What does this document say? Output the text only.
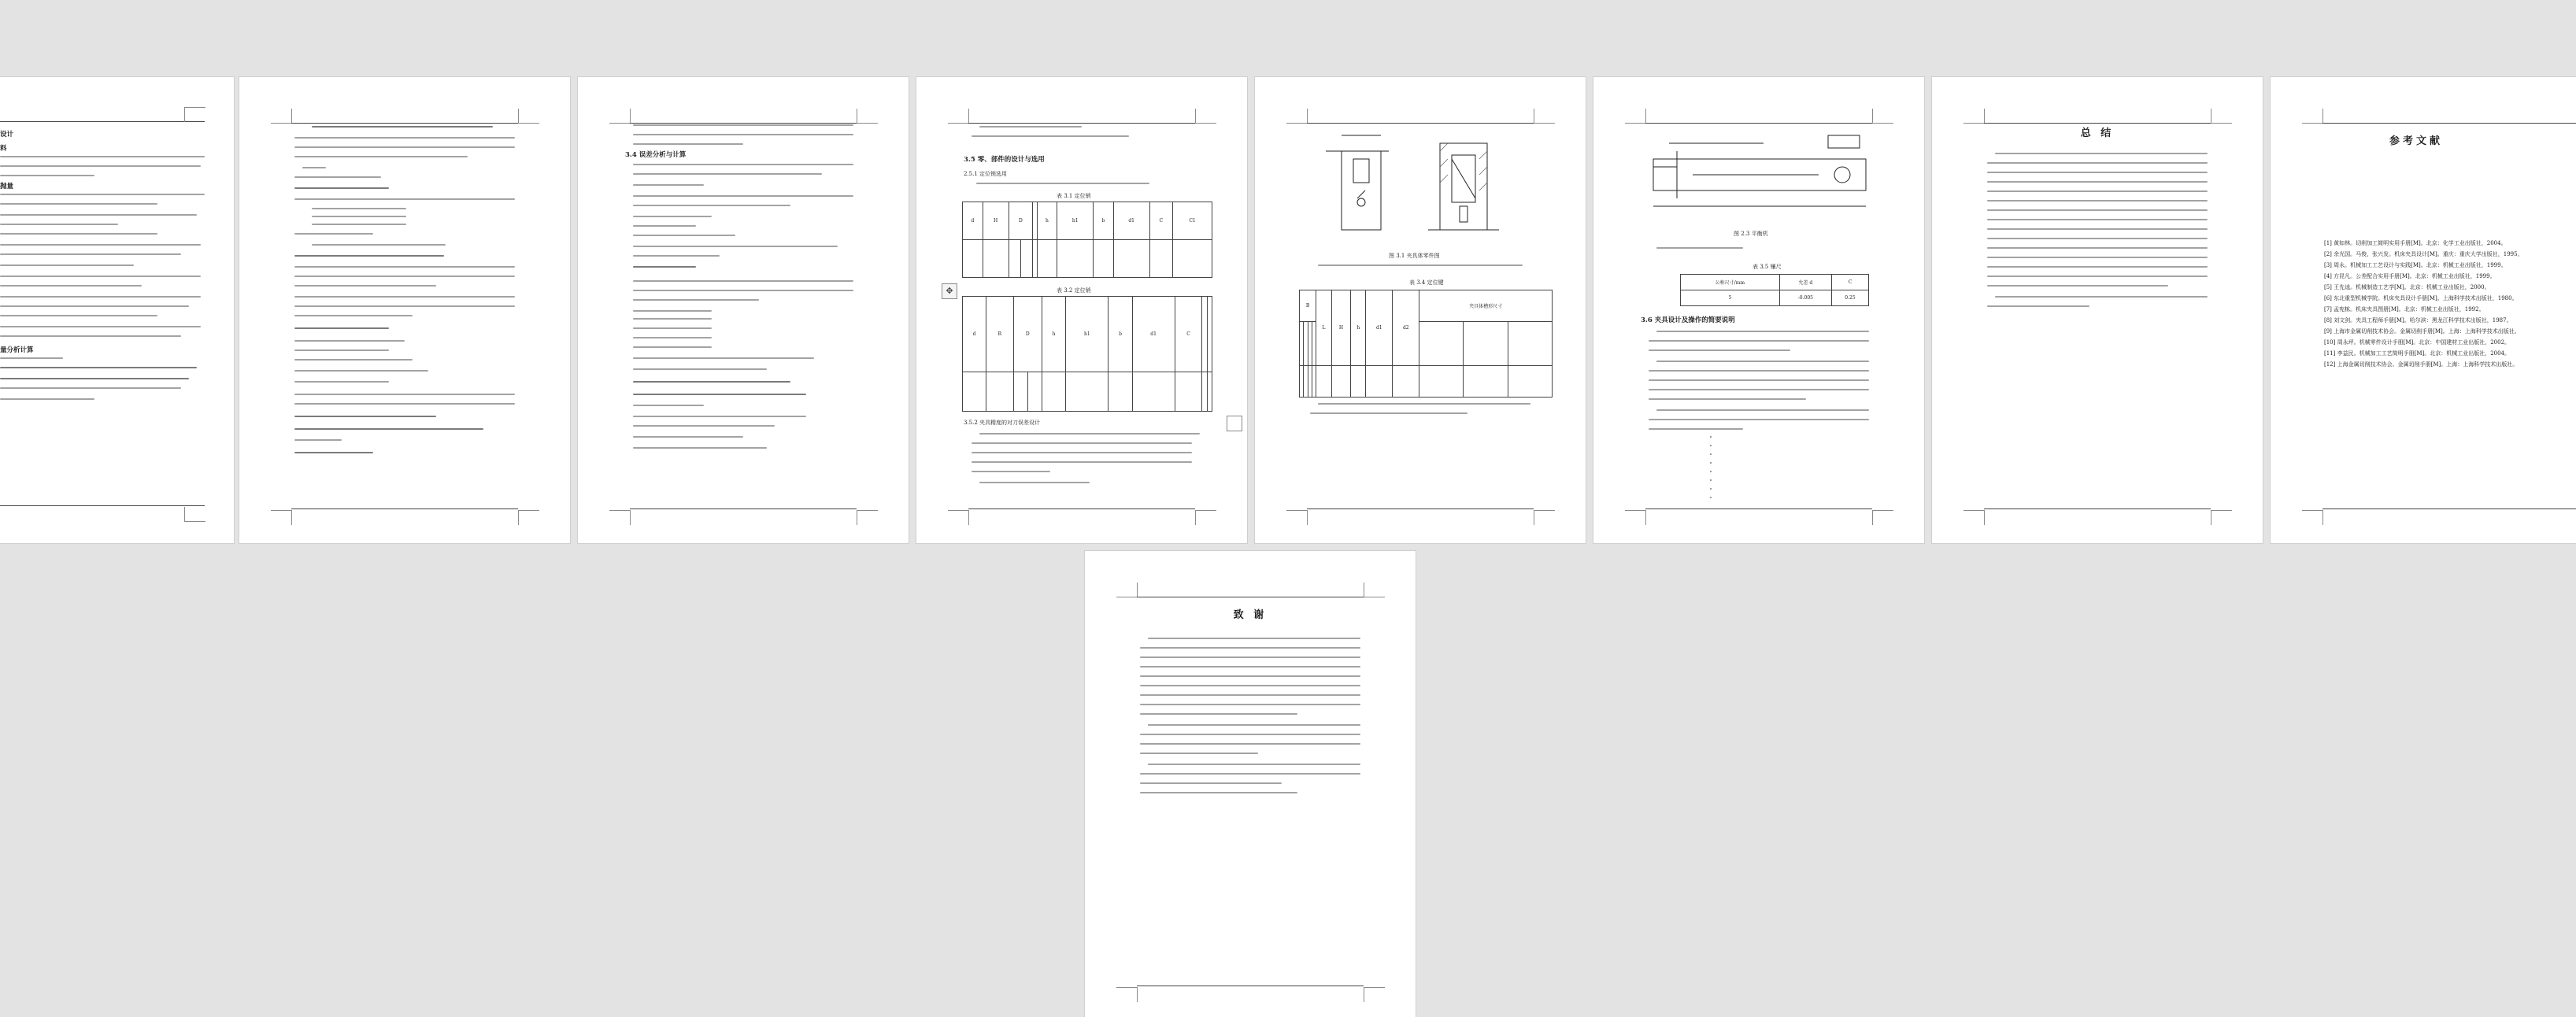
设计
料
抛量
量分析计算
3.4 误差分析与计算
3.5 零、部件的设计与选用
2.5.1 定位销选用
表 3.1 定位销
d	H	D			h	h1	b	d1	C	C1

表 3.2 定位销
d	R	D		h	h1	b	d1	C		

3.5.2 夹具精度的对刀误差设计
✥
图 3.1 夹具体零件图
表 3.4 定位键
B				L	H	h	d1	d2	夹具体槽形尺寸		

图 2.3 平衡机
表 3.5 镶尺
公称尺寸/mm	允差 d	C
5	-0.005	0.25
3.6 夹具设计及操作的简要说明
总 结
参考文献
[1] 黄如林。切削加工简明实用手册[M]。北京：化学工业出版社，2004。
[2] 余光国。马俊，张兴发。机床夹具设计[M]。重庆：重庆大学出版社，1995。
[3] 周永。机械加工工艺设计与实践[M]。北京：机械工业出版社，1999。
[4] 方昆凡。公差配合实用手册[M]。北京：机械工业出版社，1999。
[5] 王先逵。机械制造工艺学[M]。北京：机械工业出版社，2000。
[6] 东北重型机械学院。机床夹具设计手册[M]。上海科学技术出版社，1980。
[7] 孟宪栋。机床夹具图册[M]。北京：机械工业出版社，1992。
[8] 刘文剑。夹具工程师手册[M]。哈尔滨：黑龙江科学技术出版社，1987。
[9] 上海市金属切削技术协会。金属切削手册[M]。上海：上海科学技术出版社。
[10] 周永坪。机械零件设计手册[M]。北京：中国建材工业出版社，2002。
[11] 李益民。机械加工工艺简明手册[M]。北京：机械工业出版社，2004。
[12] 上海金属切削技术协会。金属切削手册[M]。上海：上海科学技术出版社。
致 谢
